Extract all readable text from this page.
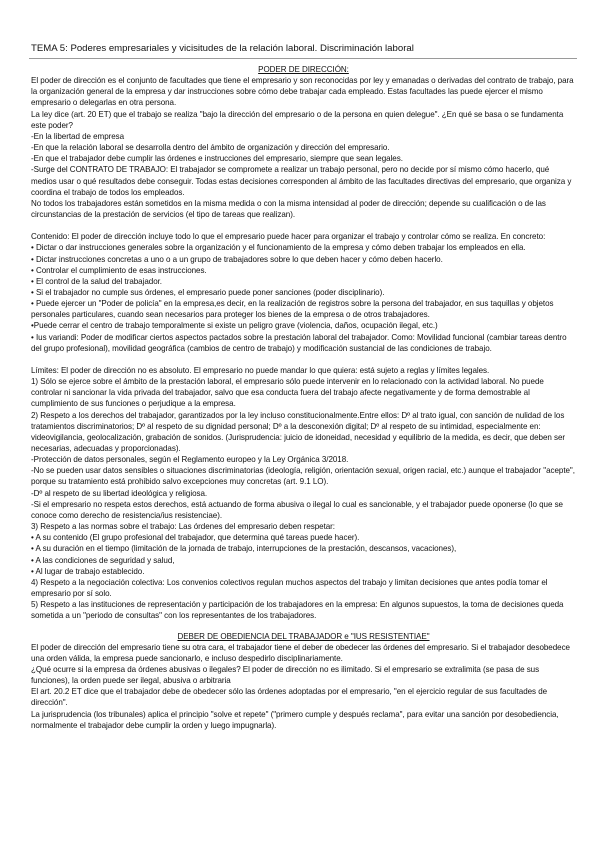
TEMA 5: Poderes empresariales y vicisitudes de la relación laboral. Discriminación laboral

PODER DE DIRECCIÓN:

El poder de dirección es el conjunto de facultades que tiene el empresario y son reconocidas por ley y emanadas o derivadas del contrato de trabajo, para la organización general de la empresa y dar instrucciones sobre cómo debe trabajar cada empleado. Estas facultades las puede ejercer el mismo empresario o delegarlas en otra persona.

La ley dice (art. 20 ET) que el trabajo se realiza "bajo la dirección del empresario o de la persona en quien delegue". ¿En qué se basa o se fundamenta este poder?

-En la libertad de empresa

-En que la relación laboral se desarrolla dentro del ámbito de organización y dirección del empresario.

-En que el trabajador debe cumplir las órdenes e instrucciones del empresario, siempre que sean legales.

-Surge del CONTRATO DE TRABAJO: El trabajador se compromete a realizar un trabajo personal, pero no decide por sí mismo cómo hacerlo, qué medios usar o qué resultados debe conseguir. Todas estas decisiones corresponden al ámbito de las facultades directivas del empresario, que organiza y coordina el trabajo de todos los empleados.

No todos los trabajadores están sometidos en la misma medida o con la misma intensidad al poder de dirección; depende su cualificación o de las circunstancias de la prestación de servicios (el tipo de tareas que realizan).

Contenido: El poder de dirección incluye todo lo que el empresario puede hacer para organizar el trabajo y controlar cómo se realiza. En concreto:

• Dictar o dar instrucciones generales sobre la organización y el funcionamiento de la empresa y cómo deben trabajar los empleados en ella.

• Dictar instrucciones concretas a uno o a un grupo de trabajadores sobre lo que deben hacer y cómo deben hacerlo.

• Controlar el cumplimiento de esas instrucciones.

• El control de la salud del trabajador.

• Si el trabajador no cumple sus órdenes, el empresario puede poner sanciones (poder disciplinario).

• Puede ejercer un "Poder de policía" en la empresa,es decir, en la realización de registros sobre la persona del trabajador, en sus taquillas y objetos personales particulares, cuando sean necesarios para proteger los bienes de la empresa o de otros trabajadores.

•Puede cerrar el centro de trabajo temporalmente si existe un peligro grave (violencia, daños, ocupación ilegal, etc.)

• Ius variandi: Poder de modificar ciertos aspectos pactados sobre la prestación laboral del trabajador. Como: Movilidad funcional (cambiar tareas dentro del grupo profesional), movilidad geográfica (cambios de centro de trabajo) y modificación sustancial de las condiciones de trabajo.

Límites: El poder de dirección no es absoluto. El empresario no puede mandar lo que quiera: está sujeto a reglas y límites legales.

1) Sólo se ejerce sobre el ámbito de la prestación laboral, el empresario sólo puede intervenir en lo relacionado con la actividad laboral. No puede controlar ni sancionar la vida privada del trabajador, salvo que esa conducta fuera del trabajo afecte negativamente y de forma demostrable al cumplimiento de sus funciones o perjudique a la empresa.

2) Respeto a los derechos del trabajador, garantizados por la ley incluso constitucionalmente.Entre ellos: Dº al trato igual, con sanción de nulidad de los tratamientos discriminatorios; Dº al respeto de su dignidad personal; Dº a la desconexión digital; Dº al respeto de su intimidad, especialmente en: videovigilancia, geolocalización, grabación de sonidos. (Jurisprudencia: juicio de idoneidad, necesidad y equilibrio de la medida, es decir, que deben ser necesarias, adecuadas y proporcionadas).

-Protección de datos personales, según el Reglamento europeo y la Ley Orgánica 3/2018.

-No se pueden usar datos sensibles o situaciones discriminatorias (ideología, religión, orientación sexual, origen racial, etc.) aunque el trabajador "acepte", porque su tratamiento está prohibido salvo excepciones muy concretas (art. 9.1 LO).

-Dº al respeto de su libertad ideológica y religiosa.

-Si el empresario no respeta estos derechos, está actuando de forma abusiva o ilegal lo cual es sancionable, y el trabajador puede oponerse (lo que se conoce como derecho de resistencia/ius resistenciae).

3) Respeto a las normas sobre el trabajo: Las órdenes del empresario deben respetar:

• A su contenido (El grupo profesional del trabajador, que determina qué tareas puede hacer).

• A su duración en el tiempo (limitación de la jornada de trabajo, interrupciones de la prestación, descansos, vacaciones),

• A las condiciones de seguridad y salud,

• Al lugar de trabajo establecido.

4) Respeto a la negociación colectiva: Los convenios colectivos regulan muchos aspectos del trabajo y limitan decisiones que antes podía tomar el empresario por sí solo.

5) Respeto a las instituciones de representación y participación de los trabajadores en la empresa: En algunos supuestos, la toma de decisiones queda sometida a un "periodo de consultas" con los representantes de los trabajadores.

DEBER DE OBEDIENCIA DEL TRABAJADOR e "IUS RESISTENTIAE"

El poder de dirección del empresario tiene su otra cara, el trabajador tiene el deber de obedecer las órdenes del empresario. Si el trabajador desobedece una orden válida, la empresa puede sancionarlo, e incluso despedirlo disciplinariamente.

¿Qué ocurre si la empresa da órdenes abusivas o ilegales? El poder de dirección no es ilimitado. Si el empresario se extralimita (se pasa de sus funciones), la orden puede ser ilegal, abusiva o arbitraria

El art. 20.2 ET dice que el trabajador debe de obedecer sólo las órdenes adoptadas por el empresario, "en el ejercicio regular de sus facultades de dirección".

La jurisprudencia (los tribunales) aplica el principio "solve et repete" ("primero cumple y después reclama", para evitar una sanción por desobediencia, normalmente el trabajador debe cumplir la orden y luego impugnarla).
